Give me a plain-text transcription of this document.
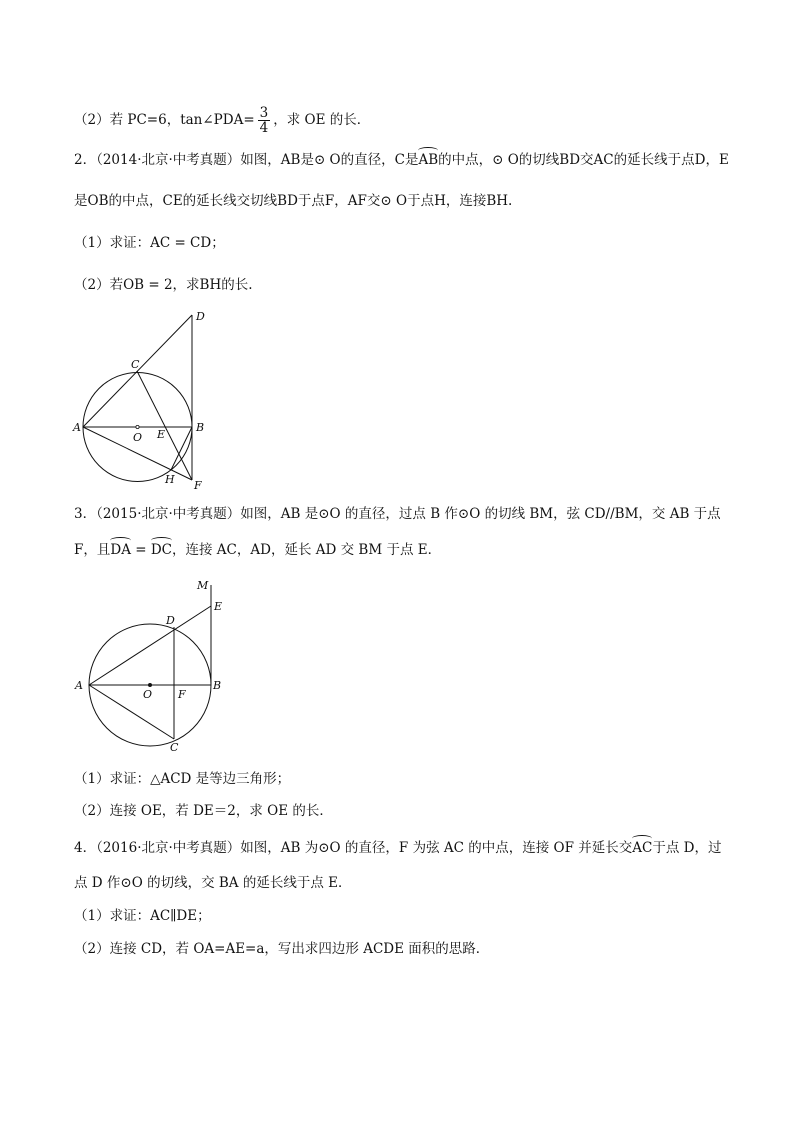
（2）若 PC=6，tan∠PDA= $\frac{3}{4}$ ，求 OE 的长．
2．（2014·北京·中考真题）如图，AB是⊙ O的直径，C是AB的中点，⊙ O的切线BD交AC的延长线于点D，E
是OB的中点，CE的延长线交切线BD于点F，AF交⊙ O于点H，连接BH.
（1）求证：AC = CD；
（2）若OB = 2，求BH的长.
D
C
A	B
O E
H F
3．（2015·北京·中考真题）如图，AB 是⊙O 的直径，过点 B 作⊙O 的切线 BM，弦 CD//BM，交 AB 于点
F，且DA = DC，连接 AC，AD，延长 AD 交 BM 于点 E．
M
E
D
A
O F
B
C
（1）求证：△ACD 是等边三角形；
（2）连接 OE，若 DE＝2，求 OE 的长．
4．（2016·北京·中考真题）如图，AB 为⊙O 的直径，F 为弦 AC 的中点，连接 OF 并延长交AC于点 D，过
点 D 作⊙O 的切线，交 BA 的延长线于点 E．
（1）求证：AC∥DE；
（2）连接 CD，若 OA=AE=a，写出求四边形 ACDE 面积的思路．
